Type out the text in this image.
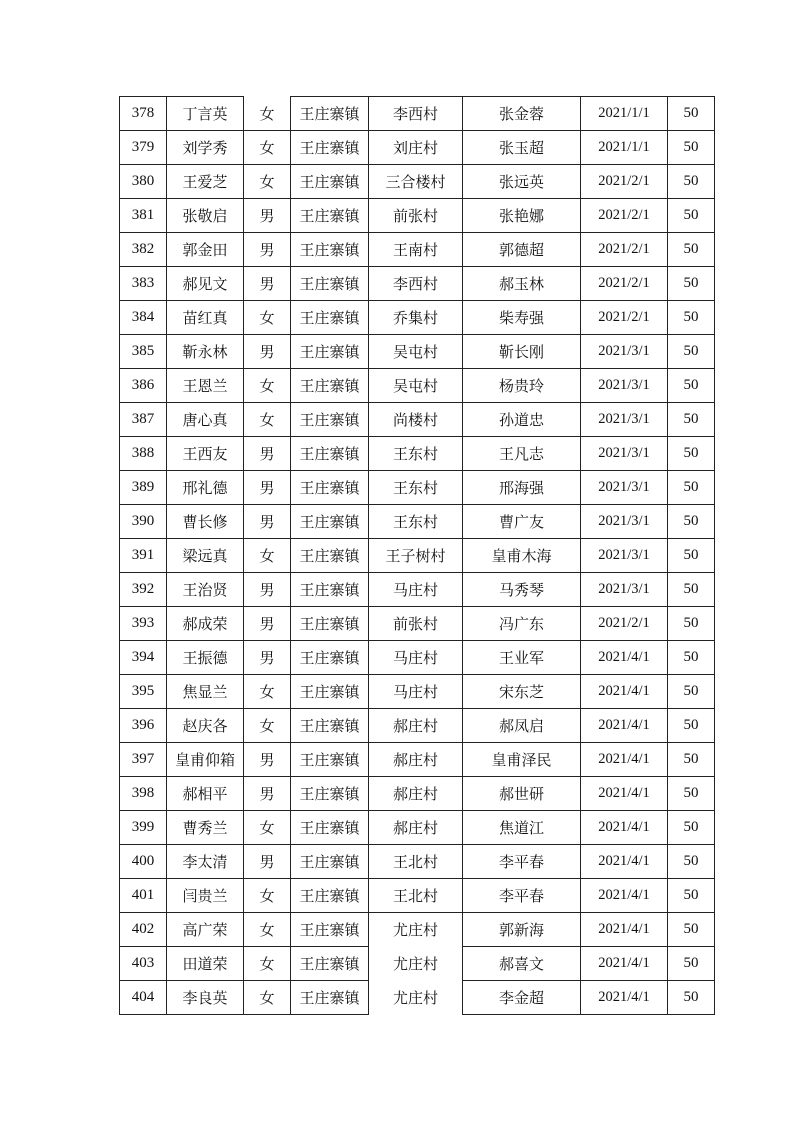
378	丁言英	女	王庄寨镇	李西村	张金蓉	2021/1/1	50
379	刘学秀	女	王庄寨镇	刘庄村	张玉超	2021/1/1	50
380	王爱芝	女	王庄寨镇	三合楼村	张远英	2021/2/1	50
381	张敬启	男	王庄寨镇	前张村	张艳娜	2021/2/1	50
382	郭金田	男	王庄寨镇	王南村	郭德超	2021/2/1	50
383	郝见文	男	王庄寨镇	李西村	郝玉林	2021/2/1	50
384	苗红真	女	王庄寨镇	乔集村	柴寿强	2021/2/1	50
385	靳永林	男	王庄寨镇	吴屯村	靳长刚	2021/3/1	50
386	王恩兰	女	王庄寨镇	吴屯村	杨贵玲	2021/3/1	50
387	唐心真	女	王庄寨镇	尚楼村	孙道忠	2021/3/1	50
388	王西友	男	王庄寨镇	王东村	王凡志	2021/3/1	50
389	邢礼德	男	王庄寨镇	王东村	邢海强	2021/3/1	50
390	曹长修	男	王庄寨镇	王东村	曹广友	2021/3/1	50
391	梁远真	女	王庄寨镇	王子树村	皇甫木海	2021/3/1	50
392	王治贤	男	王庄寨镇	马庄村	马秀琴	2021/3/1	50
393	郝成荣	男	王庄寨镇	前张村	冯广东	2021/2/1	50
394	王振德	男	王庄寨镇	马庄村	王业军	2021/4/1	50
395	焦显兰	女	王庄寨镇	马庄村	宋东芝	2021/4/1	50
396	赵庆各	女	王庄寨镇	郝庄村	郝凤启	2021/4/1	50
397	皇甫仰箱	男	王庄寨镇	郝庄村	皇甫泽民	2021/4/1	50
398	郝相平	男	王庄寨镇	郝庄村	郝世研	2021/4/1	50
399	曹秀兰	女	王庄寨镇	郝庄村	焦道江	2021/4/1	50
400	李太清	男	王庄寨镇	王北村	李平春	2021/4/1	50
401	闫贵兰	女	王庄寨镇	王北村	李平春	2021/4/1	50
402	高广荣	女	王庄寨镇	尤庄村	郭新海	2021/4/1	50
403	田道荣	女	王庄寨镇	尤庄村	郝喜文	2021/4/1	50
404	李良英	女	王庄寨镇	尤庄村	李金超	2021/4/1	50
